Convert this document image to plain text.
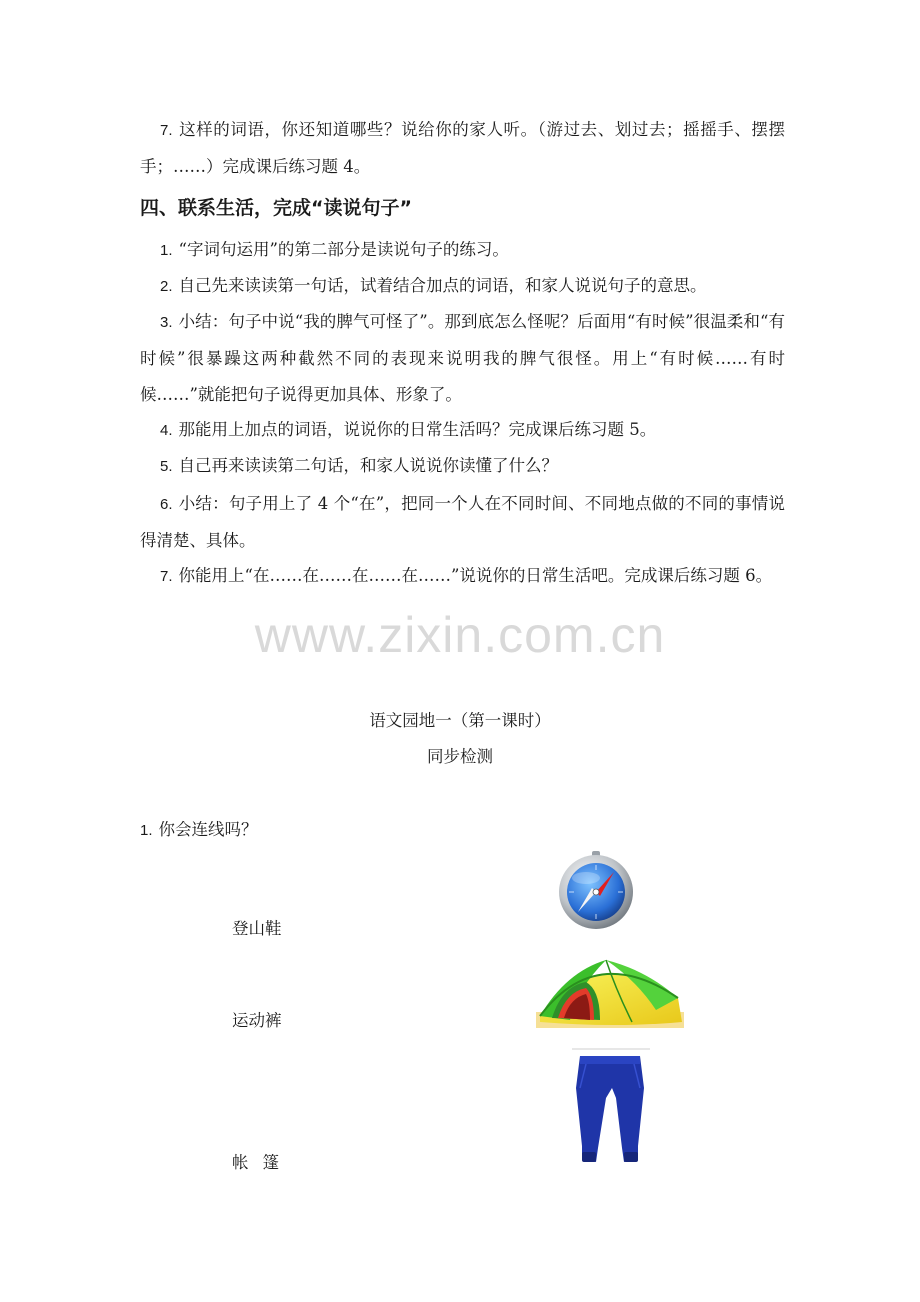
7. 这样的词语，你还知道哪些？说给你的家人听。（游过去、划过去；摇摇手、摆摆手；……）完成课后练习题 4。

四、联系生活，完成“读说句子”

1. “字词句运用”的第二部分是读说句子的练习。

2. 自己先来读读第一句话，试着结合加点的词语，和家人说说句子的意思。

3. 小结：句子中说“我的脾气可怪了”。那到底怎么怪呢？后面用“有时候”很温柔和“有时候”很暴躁这两种截然不同的表现来说明我的脾气很怪。用上“有时候……有时候……”就能把句子说得更加具体、形象了。

4. 那能用上加点的词语，说说你的日常生活吗？完成课后练习题 5。

5. 自己再来读读第二句话，和家人说说你读懂了什么？

6. 小结：句子用上了 4 个“在”，把同一个人在不同时间、不同地点做的不同的事情说得清楚、具体。

7. 你能用上“在……在……在……在……”说说你的日常生活吧。完成课后练习题 6。

www.zixin.com.cn
语文园地一（第一课时）
同步检测
1. 你会连线吗？
登山鞋
运动裤
帐篷
